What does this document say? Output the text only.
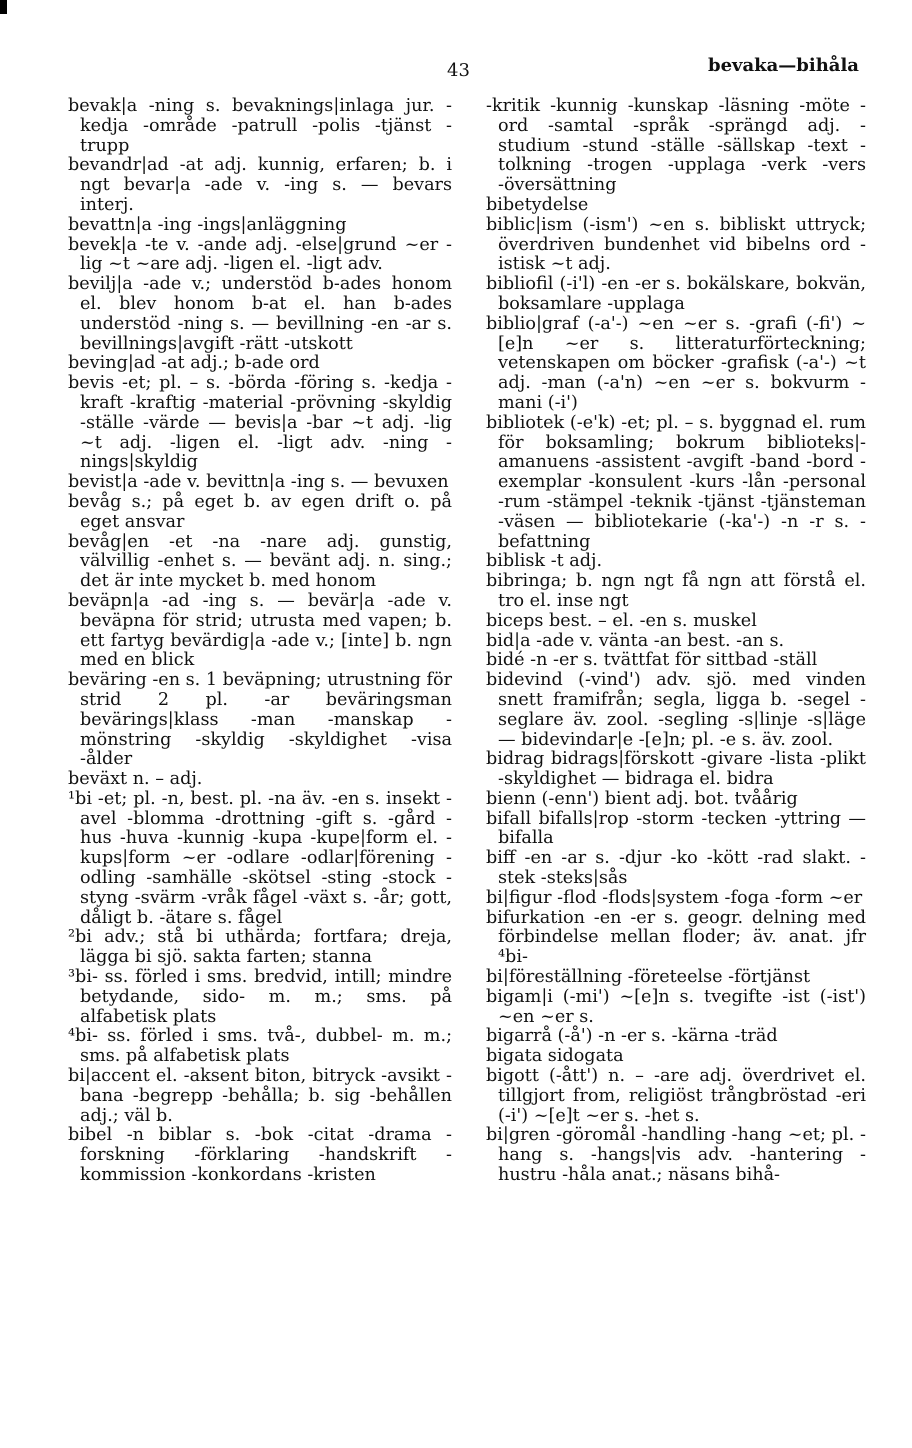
43	bevaka—bihåla

bevak|a -ning s. bevaknings|inlaga jur. -kedja -område -patrull -polis -tjänst -trupp

bevandr|ad -at adj. kunnig, erfaren; b. i ngt bevar|a -ade v. -ing s. — bevars interj.

bevattn|a -ing -ings|anläggning

bevek|a -te v. -ande adj. -else|grund ~er -lig ~t ~are adj. -ligen el. -ligt adv.

bevilj|a -ade v.; understöd b-ades honom el. blev honom b-at el. han b-ades understöd -ning s. — bevillning -en -ar s. bevillnings|avgift -rätt -utskott

beving|ad -at adj.; b-ade ord

bevis -et; pl. – s. -börda -föring s. -kedja -kraft -kraftig -material -prövning -skyldig -ställe -värde — bevis|a -bar ~t adj. -lig ~t adj. -ligen el. -ligt adv. -ning -nings|skyldig

bevist|a -ade v. bevittn|a -ing s. — bevuxen

bevåg s.; på eget b. av egen drift o. på eget ansvar

bevåg|en -et -na -nare adj. gunstig, välvillig -enhet s. — bevänt adj. n. sing.; det är inte mycket b. med honom

beväpn|a -ad -ing s. — bevär|a -ade v. beväpna för strid; utrusta med vapen; b. ett fartyg bevärdig|a -ade v.; [inte] b. ngn med en blick

beväring -en s. 1 beväpning; utrustning för strid 2 pl. -ar beväringsman bevärings|klass -man -manskap -mönstring -skyldig -skyldighet -visa -ålder

beväxt n. – adj.

¹bi -et; pl. -n, best. pl. -na äv. -en s. insekt -avel -blomma -drottning -gift s. -gård -hus -huva -kunnig -kupa -kupe|form el. -kups|form ~er -odlare -odlar|förening -odling -samhälle -skötsel -sting -stock -styng -svärm -vråk fågel -växt s. -år; gott, dåligt b. -ätare s. fågel

²bi adv.; stå bi uthärda; fortfara; dreja, lägga bi sjö. sakta farten; stanna

³bi- ss. förled i sms. bredvid, intill; mindre betydande, sido- m. m.; sms. på alfabetisk plats

⁴bi- ss. förled i sms. två-, dubbel- m. m.; sms. på alfabetisk plats

bi|accent el. -aksent biton, bitryck -avsikt -bana -begrepp -behålla; b. sig -behållen adj.; väl b.

bibel -n biblar s. -bok -citat -drama -forskning -förklaring -handskrift -kommission -konkordans -kristen

-kritik -kunnig -kunskap -läsning -möte -ord -samtal -språk -sprängd adj. -studium -stund -ställe -sällskap -text -tolkning -trogen -upplaga -verk -vers -översättning

bibetydelse

biblic|ism (-ism') ~en s. bibliskt uttryck; överdriven bundenhet vid bibelns ord -istisk ~t adj.

bibliofil (-i'l) -en -er s. bokälskare, bokvän, boksamlare -upplaga

biblio|graf (-a'-) ~en ~er s. -grafi (-fi') ~[e]n ~er s. litteraturförteckning; vetenskapen om böcker -grafisk (-a'-) ~t adj. -man (-a'n) ~en ~er s. bokvurm -mani (-i')

bibliotek (-e'k) -et; pl. – s. byggnad el. rum för boksamling; bokrum biblioteks|-amanuens -assistent -avgift -band -bord -exemplar -konsulent -kurs -lån -personal -rum -stämpel -teknik -tjänst -tjänsteman -väsen — bibliotekarie (-ka'-) -n -r s. -befattning

biblisk -t adj.

bibringa; b. ngn ngt få ngn att förstå el. tro el. inse ngt

biceps best. – el. -en s. muskel

bid|a -ade v. vänta -an best. -an s.

bidé -n -er s. tvättfat för sittbad -ställ

bidevind (-vind') adv. sjö. med vinden snett framifrån; segla, ligga b. -segel -seglare äv. zool. -segling -s|linje -s|läge — bidevindar|e -[e]n; pl. -e s. äv. zool.

bidrag bidrags|förskott -givare -lista -plikt -skyldighet — bidraga el. bidra

bienn (-enn') bient adj. bot. tvåårig

bifall bifalls|rop -storm -tecken -yttring — bifalla

biff -en -ar s. -djur -ko -kött -rad slakt. -stek -steks|sås

bi|figur -flod -flods|system -foga -form ~er

bifurkation -en -er s. geogr. delning med förbindelse mellan floder; äv. anat. jfr ⁴bi-

bi|föreställning -företeelse -förtjänst

bigam|i (-mi') ~[e]n s. tvegifte -ist (-ist') ~en ~er s.

bigarrå (-å') -n -er s. -kärna -träd

bigata sidogata

bigott (-ått') n. – -are adj. överdrivet el. tillgjort from, religiöst trångbröstad -eri (-i') ~[e]t ~er s. -het s.

bi|gren -göromål -handling -hang ~et; pl. -hang s. -hangs|vis adv. -hantering -hustru -håla anat.; näsans bihå-
